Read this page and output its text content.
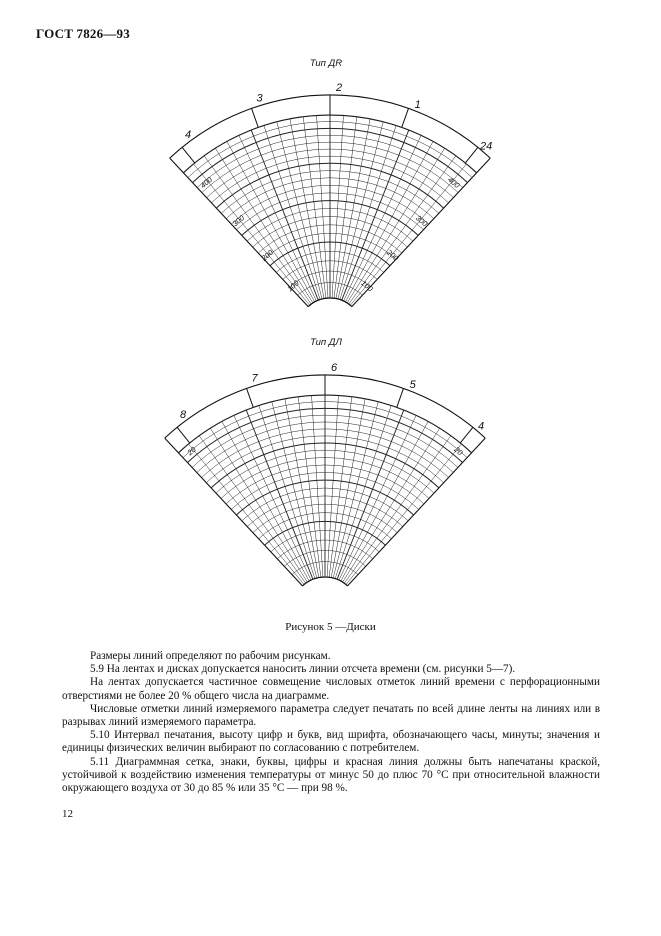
ГОСТ 7826—93
Тип ДR
4
3
2
1
24
400	400
300	300
200	200
100	100
Тип ДЛ
8
7
6
5
4
20	20
Рисунок 5 —Диски

Размеры линий определяют по рабочим рисункам.

5.9 На лентах и дисках допускается наносить линии отсчета времени (см. рисунки 5—7).

На лентах допускается частичное совмещение числовых отметок линий времени с перфорационными отверстиями не более 20 % общего числа на диаграмме.

Числовые отметки линий измеряемого параметра следует печатать по всей длине ленты на линиях или в разрывах линий измеряемого параметра.

5.10 Интервал печатания, высоту цифр и букв, вид шрифта, обозначающего часы, минуты; значения и единицы физических величин выбирают по согласованию с потребителем.

5.11 Диаграммная сетка, знаки, буквы, цифры и красная линия должны быть напечатаны краской, устойчивой к воздействию изменения температуры от минус 50 до плюс 70 °С при относительной влажности окружающего воздуха от 30 до 85 % или 35 °С — при 98 %.

12
